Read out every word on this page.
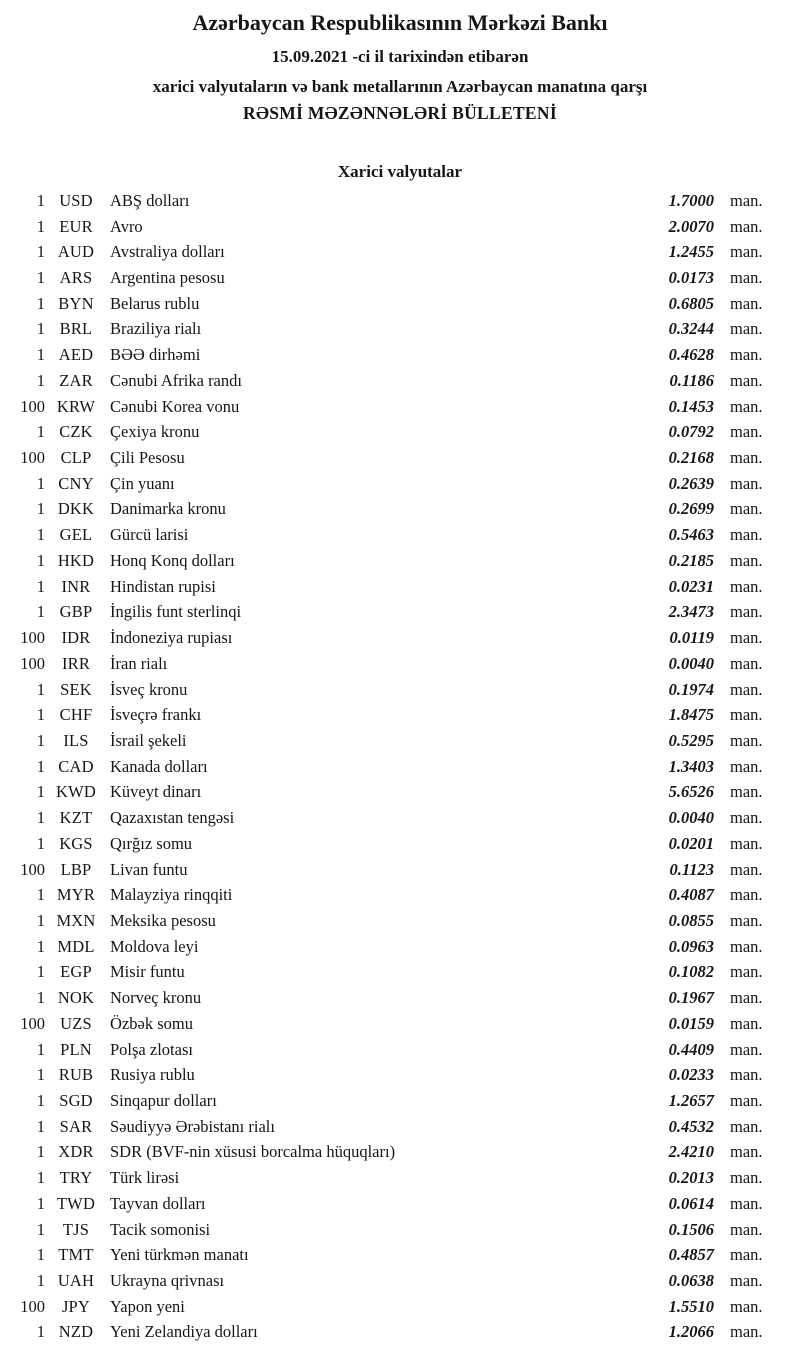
Azərbaycan Respublikasının Mərkəzi Bankı
15.09.2021 -ci il tarixindən etibarən
xarici valyutaların və bank metallarının Azərbaycan manatına qarşı
RƏSMİ MƏZƏNNƏLƏRİ BÜLLETENİ
Xarici valyutalar
1 USD	ABŞ dolları	1.7000 man.
1 EUR	Avro	2.0070 man.
1 AUD Avstraliya dolları	1.2455 man.
1 ARS	Argentina pesosu	0.0173 man.
1 BYN Belarus rublu	0.6805 man.
1 BRL	Braziliya rialı	0.3244 man.
1 AED	BƏƏ dirhəmi	0.4628 man.
1 ZAR	Cənubi Afrika randı	0.1186 man.
100 KRW Cənubi Korea vonu	0.1453 man.
1 CZK	Çexiya kronu	0.0792 man.
100 CLP	Çili Pesosu	0.2168 man.
1 CNY Çin yuanı	0.2639 man.
1 DKK Danimarka kronu	0.2699 man.
1 GEL	Gürcü larisi	0.5463 man.
1 HKD Honq Konq dolları	0.2185 man.
1 INR	Hindistan rupisi	0.0231 man.
1 GBP	İngilis funt sterlinqi	2.3473 man.
100 IDR	İndoneziya rupiası	0.0119 man.
100	IRR	İran rialı	0.0040 man.
1 SEK	İsveç kronu	0.1974 man.
1 CHF	İsveçrə frankı	1.8475 man.
1	ILS	İsrail şekeli	0.5295 man.
1 CAD Kanada dolları	1.3403 man.
1 KWD Küveyt dinarı	5.6526 man.
1 KZT	Qazaxıstan tengəsi	0.0040 man.
1 KGS	Qırğız somu	0.0201 man.
100 LBP	Livan funtu	0.1123 man.
1 MYR Malayziya rinqqiti	0.4087 man.
1 MXN Meksika pesosu	0.0855 man.
1 MDL Moldova leyi	0.0963 man.
1 EGP	Misir funtu	0.1082 man.
1 NOK Norveç kronu	0.1967 man.
100 UZS	Özbək somu	0.0159 man.
1 PLN	Polşa zlotası	0.4409 man.
1 RUB	Rusiya rublu	0.0233 man.
1 SGD	Sinqapur dolları	1.2657 man.
1 SAR	Səudiyyə Ərəbistanı rialı	0.4532 man.
1 XDR SDR (BVF-nin xüsusi borcalma hüquqları)	2.4210 man.
1 TRY	Türk lirəsi	0.2013 man.
1 TWD Tayvan dolları	0.0614 man.
1	TJS	Tacik somonisi	0.1506 man.
1 TMT Yeni türkmən manatı	0.4857 man.
1 UAH Ukrayna qrivnası	0.0638 man.
100	JPY	Yapon yeni	1.5510 man.
1 NZD	Yeni Zelandiya dolları	1.2066 man.
